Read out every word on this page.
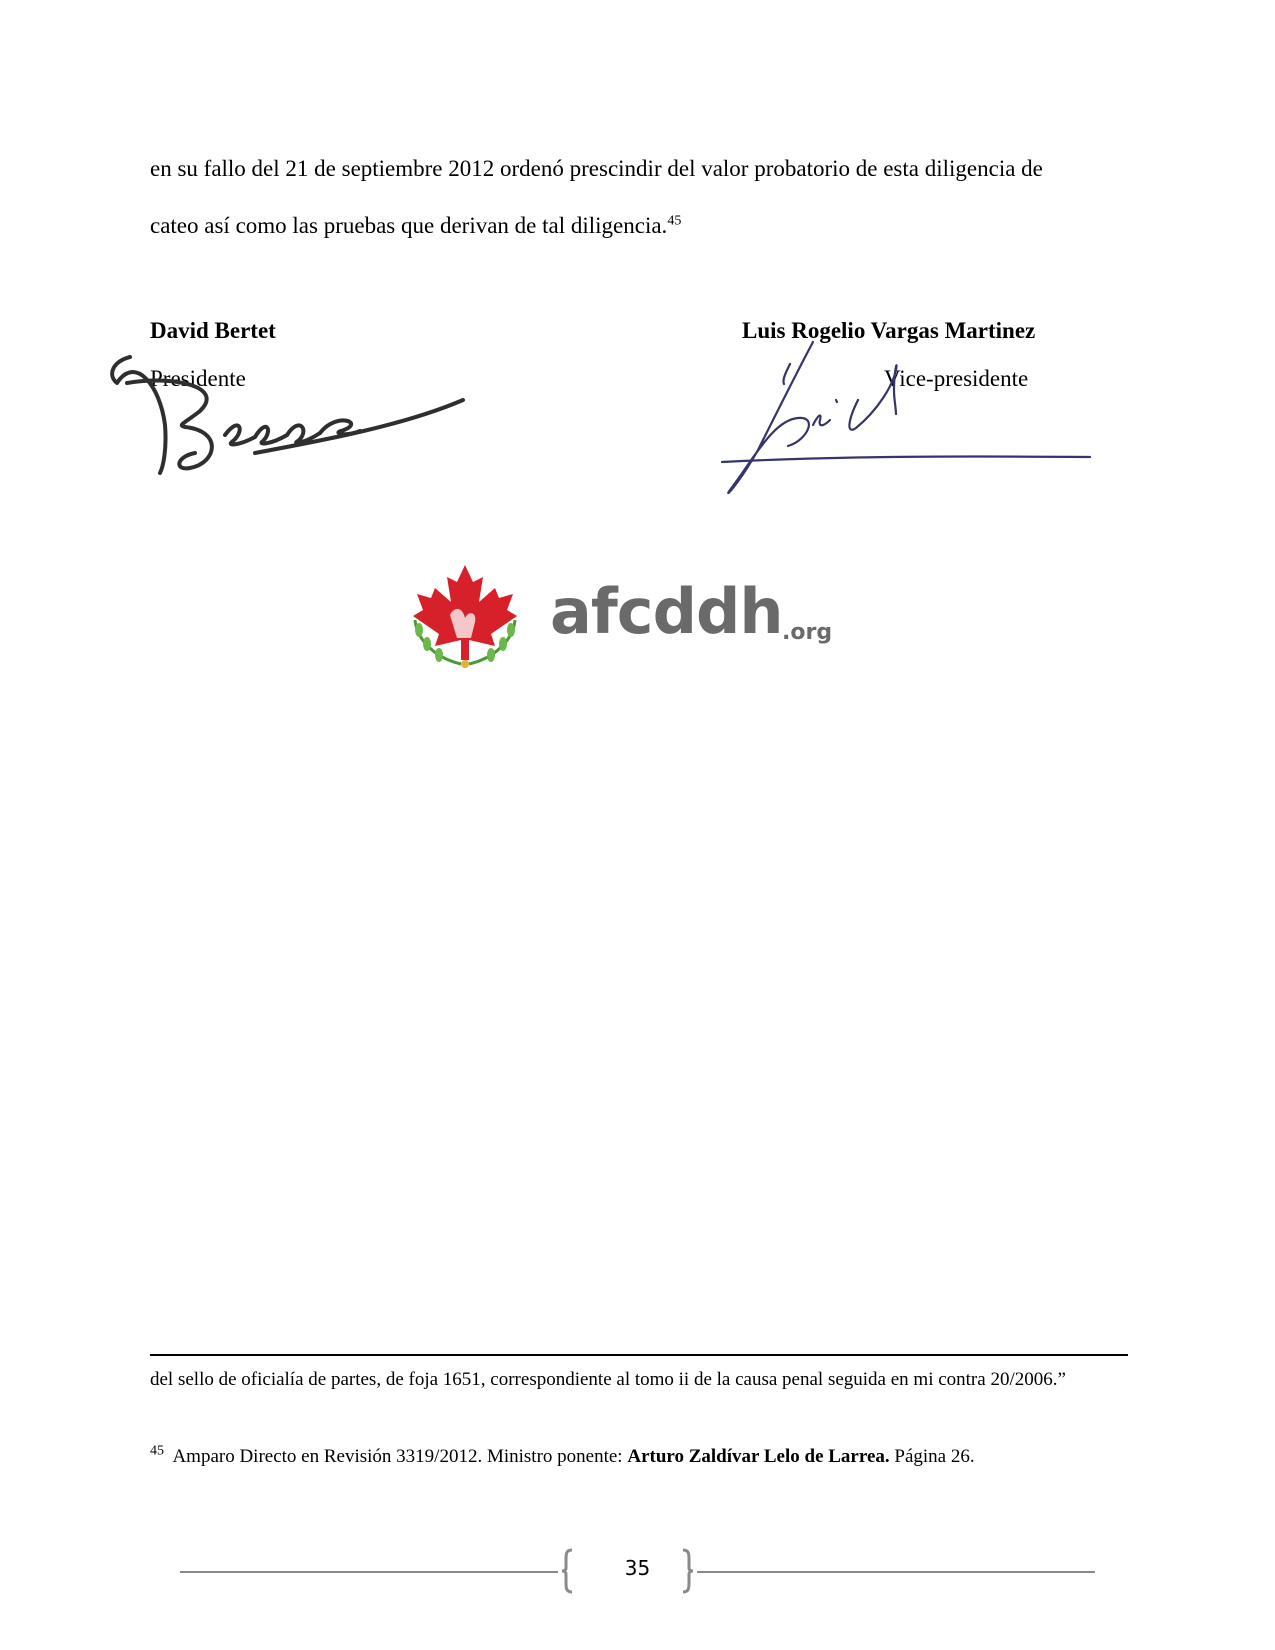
en su fallo del 21 de septiembre 2012 ordenó prescindir del valor probatorio de esta diligencia de

cateo así como las pruebas que derivan de tal diligencia.$^{45}$

David Bertet
Presidente
Luis Rogelio Vargas Martinez
Vice-presidente
afcddh .org

del sello de oficialía de partes, de foja 1651, correspondiente al tomo ii de la causa penal seguida en mi contra 20/2006.”

$^{45}$ Amparo Directo en Revisión 3319/2012. Ministro ponente: Arturo Zaldívar Lelo de Larrea. Página 26.
35
